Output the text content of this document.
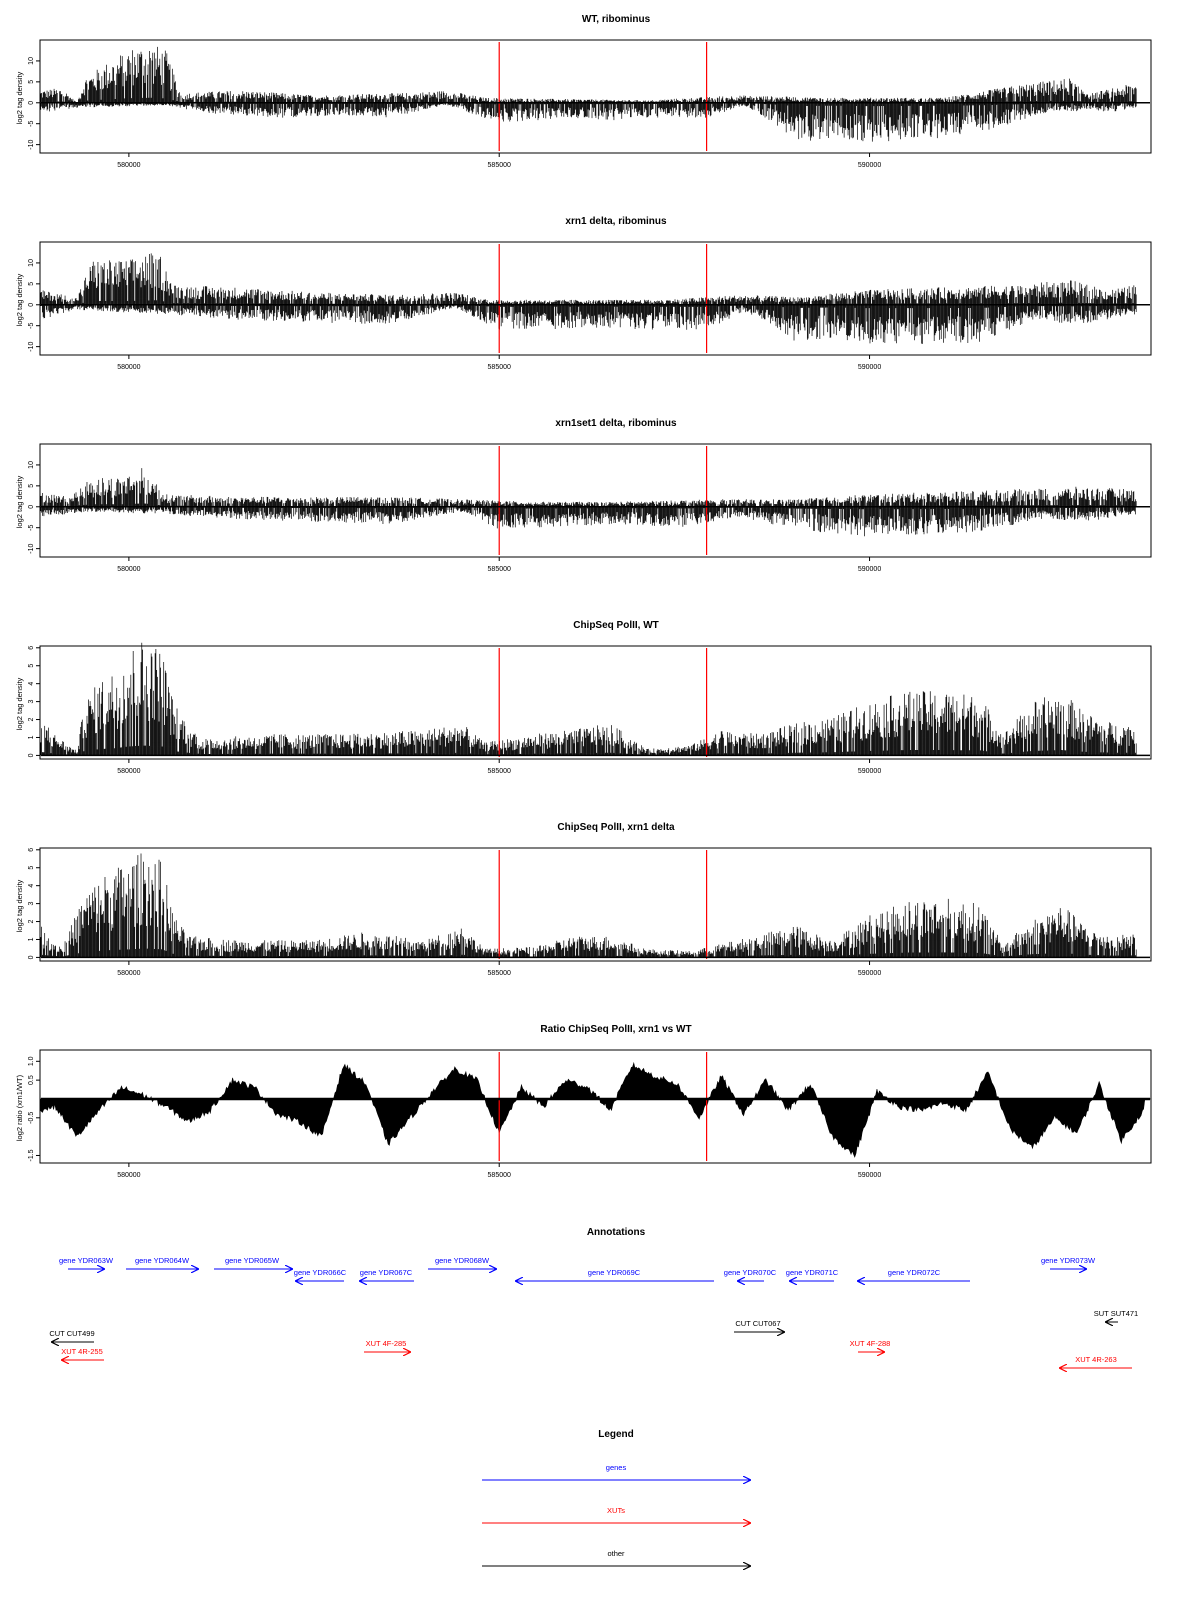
WT, ribominus
log2 tag density
10
5
0
-5
-10
580000	585000	590000
xrn1 delta, ribominus
log2 tag density
10
5
0
-5
-10
580000	585000	590000
xrn1set1 delta, ribominus
log2 tag density
10
5
0
-5
-10
580000	585000	590000
ChipSeq PolII, WT
log2 tag density
0
1
2
3
4
5
6
580000	585000	590000
ChipSeq PolII, xrn1 delta
log2 tag density
0
1
2
3
4
5
6
580000	585000	590000
Ratio ChipSeq PolII, xrn1 vs WT
log2 ratio (xrn1/WT)
1.0
0.5
-0.5
-1.5
580000	585000	590000
Annotations
gene YDR063W	gene YDR064W	gene YDR065W
gene YDR066C gene YDR067C
gene YDR068W
gene YDR069C	gene YDR070C gene YDR071C	gene YDR072C
gene YDR073W
CUT CUT499
CUT CUT067
SUT SUT471
XUT 4R-255
XUT 4F-285	XUT 4F-288
XUT 4R-263
Legend
genes
XUTs
other
